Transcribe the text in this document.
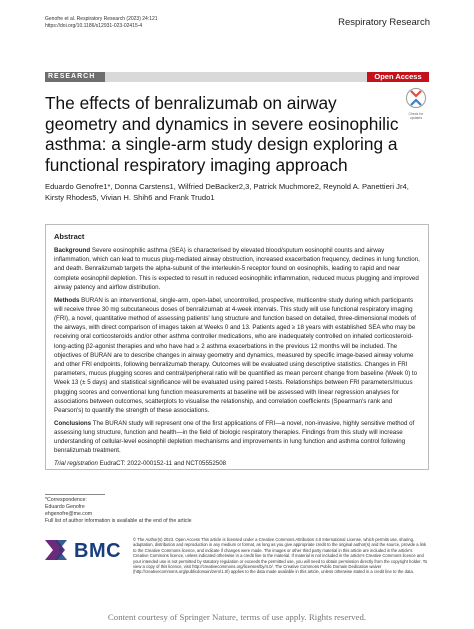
Genofre et al. Respiratory Research (2023) 24:121
https://doi.org/10.1186/s12931-023-02415-4	Respiratory Research
RESEARCH	Open Access
The effects of benralizumab on airway geometry and dynamics in severe eosinophilic asthma: a single-arm study design exploring a functional respiratory imaging approach
Check for updates
Eduardo Genofre1*, Donna Carstens1, Wilfried DeBacker2,3, Patrick Muchmore2, Reynold A. Panettieri Jr4,
Kirsty Rhodes5, Vivian H. Shih6 and Frank Trudo1
Abstract

Background Severe eosinophilic asthma (SEA) is characterised by elevated blood/sputum eosinophil counts and airway inflammation, which can lead to mucus plug-mediated airway obstruction, increased exacerbation frequency, declines in lung function, and death. Benralizumab targets the alpha-subunit of the interleukin-5 receptor found on eosinophils, leading to rapid and near complete eosinophil depletion. This is expected to result in reduced eosinophilic inflammation, reduced mucus plugging and improved airway patency and airflow distribution.

Methods BURAN is an interventional, single-arm, open-label, uncontrolled, prospective, multicentre study during which participants will receive three 30 mg subcutaneous doses of benralizumab at 4-week intervals. This study will use functional respiratory imaging (FRI), a novel, quantitative method of assessing patients' lung structure and function based on detailed, three-dimensional models of the airways, with direct comparison of images taken at Weeks 0 and 13. Patients aged ≥ 18 years with established SEA who may be receiving oral corticosteroids and/or other asthma controller medications, who are inadequately controlled on inhaled corticosteroid-long-acting β2-agonist therapies and who have had ≥ 2 asthma exacerbations in the previous 12 months will be included. The objectives of BURAN are to describe changes in airway geometry and dynamics, measured by specific image-based airway volume and other FRI endpoints, following benralizumab therapy. Outcomes will be evaluated using descriptive statistics. Changes in FRI parameters, mucus plugging scores and central/peripheral ratio will be quantified as mean percent change from baseline (Week 0) to Week 13 (± 5 days) and statistical significance will be evaluated using paired t-tests. Relationships between FRI parameters/mucus plugging scores and conventional lung function measurements at baseline will be assessed with linear regression analyses for associations between outcomes, scatterplots to visualise the relationship, and correlation coefficients (Spearman's rank and Pearson's) to quantify the strength of these associations.

Conclusions The BURAN study will represent one of the first applications of FRI—a novel, non-invasive, highly sensitive method of assessing lung structure, function and health—in the field of biologic respiratory therapies. Findings from this study will increase understanding of cellular-level eosinophil depletion mechanisms and improvements in lung function and asthma control following benralizumab treatment.

Trial registration EudraCT: 2022-000152-11 and NCT05552508

*Correspondence:
Eduardo Genofre
ehgenofre@me.com
Full list of author information is available at the end of the article
BMC
© The Author(s) 2023. Open Access This article is licensed under a Creative Commons Attribution 4.0 International License, which permits use, sharing, adaptation, distribution and reproduction in any medium or format, as long as you give appropriate credit to the original author(s) and the source, provide a link to the Creative Commons licence, and indicate if changes were made. The images or other third party material in this article are included in the article's Creative Commons licence, unless indicated otherwise in a credit line to the material. If material is not included in the article's Creative Commons licence and your intended use is not permitted by statutory regulation or exceeds the permitted use, you will need to obtain permission directly from the copyright holder. To view a copy of this licence, visit http://creativecommons.org/licenses/by/4.0/. The Creative Commons Public Domain Dedication waiver (http://creativecommons.org/publicdomain/zero/1.0/) applies to the data made available in this article, unless otherwise stated in a credit line to the data.
Content courtesy of Springer Nature, terms of use apply. Rights reserved.
